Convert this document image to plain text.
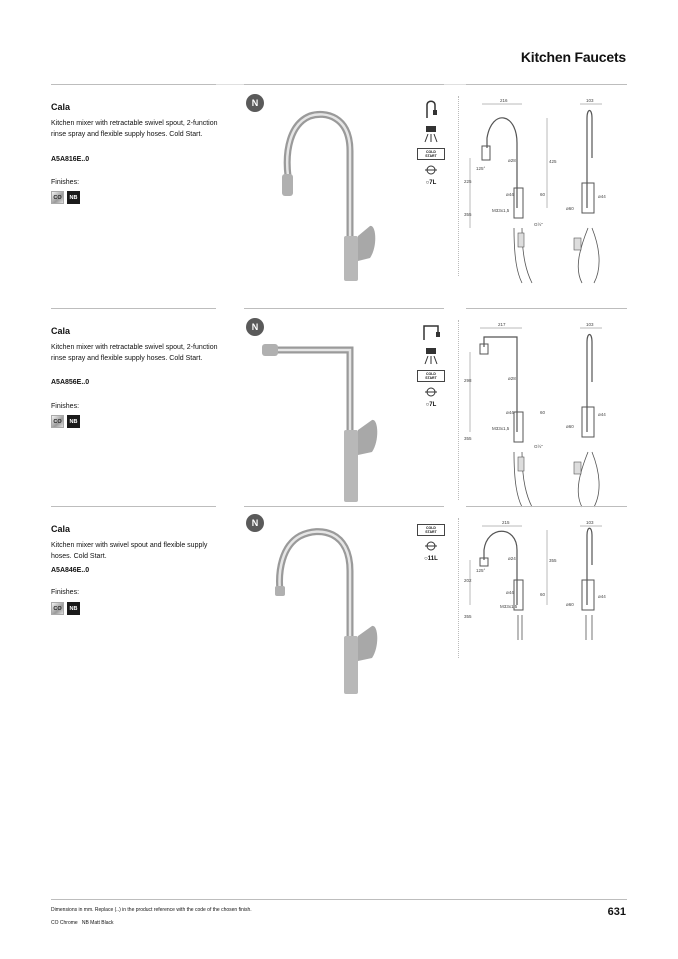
Kitchen Faucets
Cala
Kitchen mixer with retractable swivel spout, 2-function rinse spray and flexible supply hoses. Cold Start.
A5A816E..0
Finishes:
CO	NB
N
COLD START
○7L
216	103
425
225
355
ø28
ø44	60
ø60
M33x1,5
G½"
125°
ø44
Cala
Kitchen mixer with retractable swivel spout, 2-function rinse spray and flexible supply hoses. Cold Start.
A5A856E..0
Finishes:
CO	NB
N
COLD START
○7L
217	103
298
355
ø28
ø44	60
ø60
M33x1,5
G½"
ø44
Cala
Kitchen mixer with swivel spout and flexible supply hoses. Cold Start.
A5A846E..0
Finishes:
CO	NB
N	COLD START
○11L
215	103
355
202
355
ø24
ø44	60
ø60
M33x1,5
125°
ø44
Dimensions in mm. Replace (..) in the product reference with the code of the chosen finish.
CO Chrome   NB Matt Black
631
